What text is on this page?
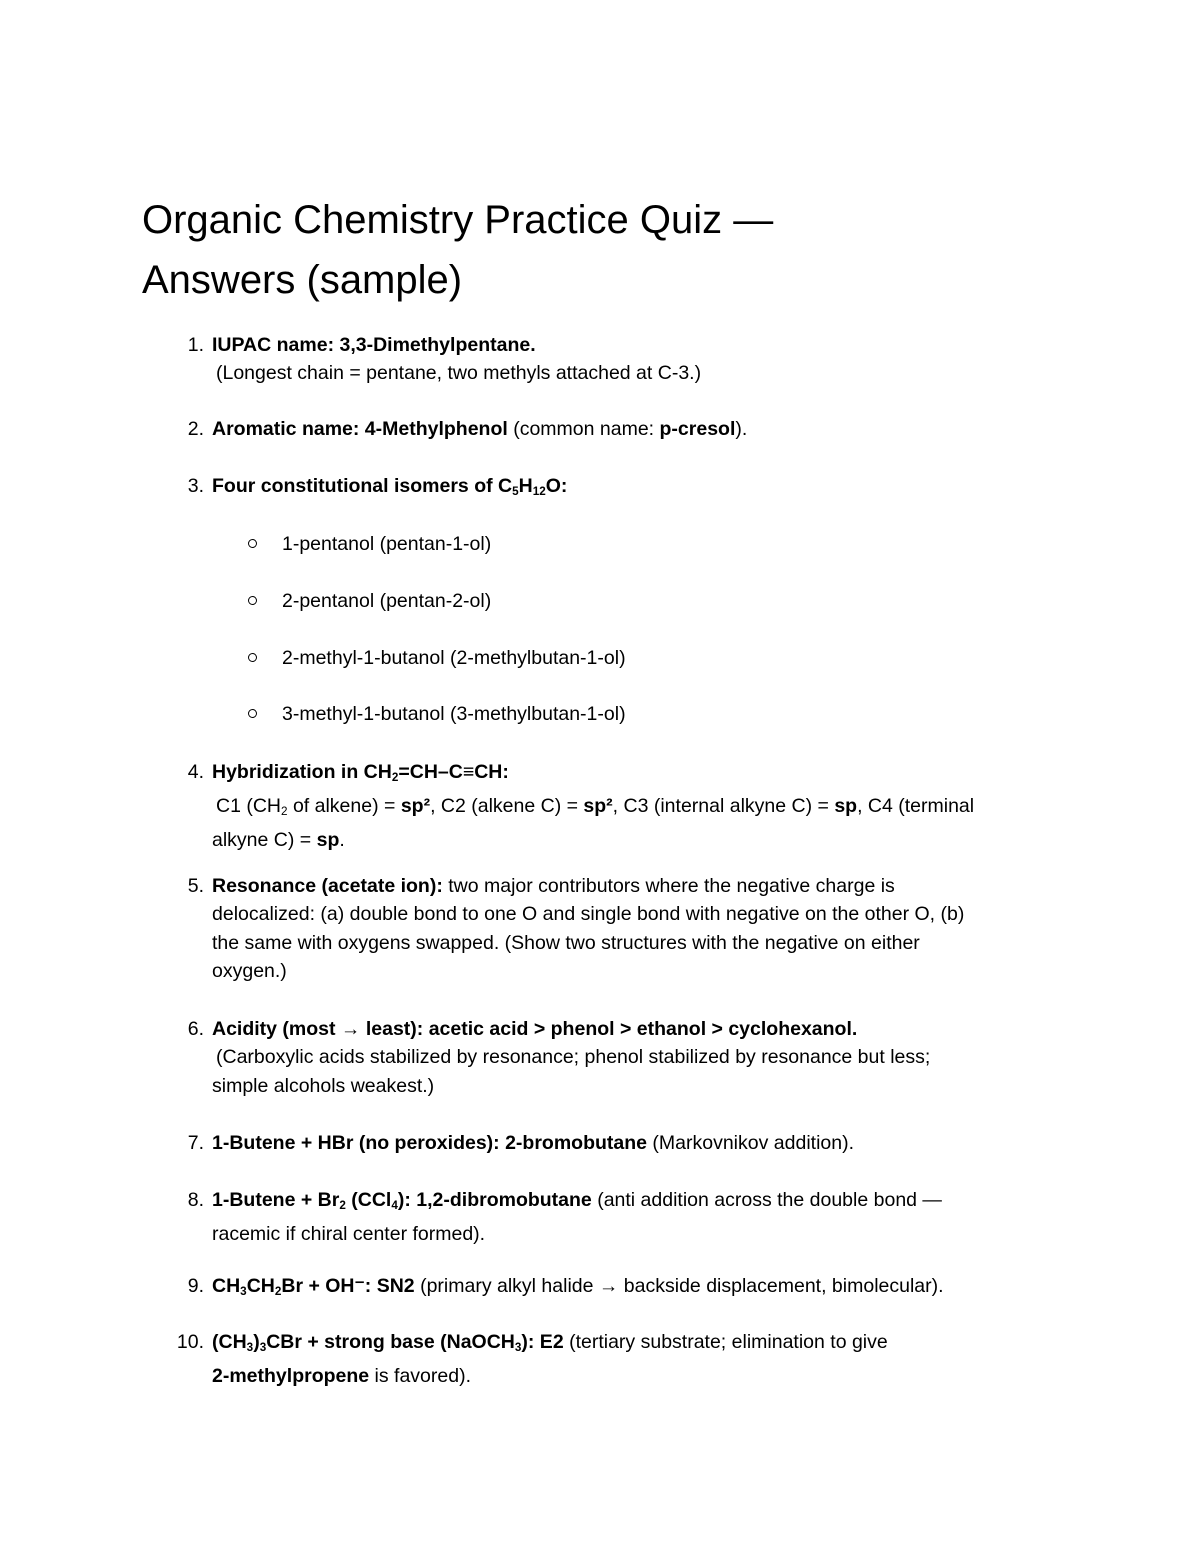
Organic Chemistry Practice Quiz —
Answers (sample)
1. IUPAC name: 3,3-Dimethylpentane.
(Longest chain = pentane, two methyls attached at C-3.)
2. Aromatic name: 4-Methylphenol (common name: p-cresol).
3. Four constitutional isomers of $C_5H_{12}O$:
1-pentanol (pentan-1-ol)
2-pentanol (pentan-2-ol)
2-methyl-1-butanol (2-methylbutan-1-ol)
3-methyl-1-butanol (3-methylbutan-1-ol)
4. Hybridization in $CH_2=CH-C\equiv CH$:
C1 ($CH_2$ of alkene) = sp², C2 (alkene C) = sp², C3 (internal alkyne C) = sp, C4 (terminal
alkyne C) = sp.
5. Resonance (acetate ion): two major contributors where the negative charge is
delocalized: (a) double bond to one O and single bond with negative on the other O, (b)
the same with oxygens swapped. (Show two structures with the negative on either
oxygen.)
6. Acidity (most → least): acetic acid > phenol > ethanol > cyclohexanol.
(Carboxylic acids stabilized by resonance; phenol stabilized by resonance but less;
simple alcohols weakest.)
7. 1-Butene + HBr (no peroxides): 2-bromobutane (Markovnikov addition).
8. 1-Butene + $Br_2$ (CCl$_4$): 1,2-dibromobutane (anti addition across the double bond —
racemic if chiral center formed).
9. $CH_3CH_2Br + OH^-$: SN2 (primary alkyl halide → backside displacement, bimolecular).
10. $(CH_3)_3CBr$ + strong base (NaOCH$_3$): E2 (tertiary substrate; elimination to give
2-methylpropene is favored).
